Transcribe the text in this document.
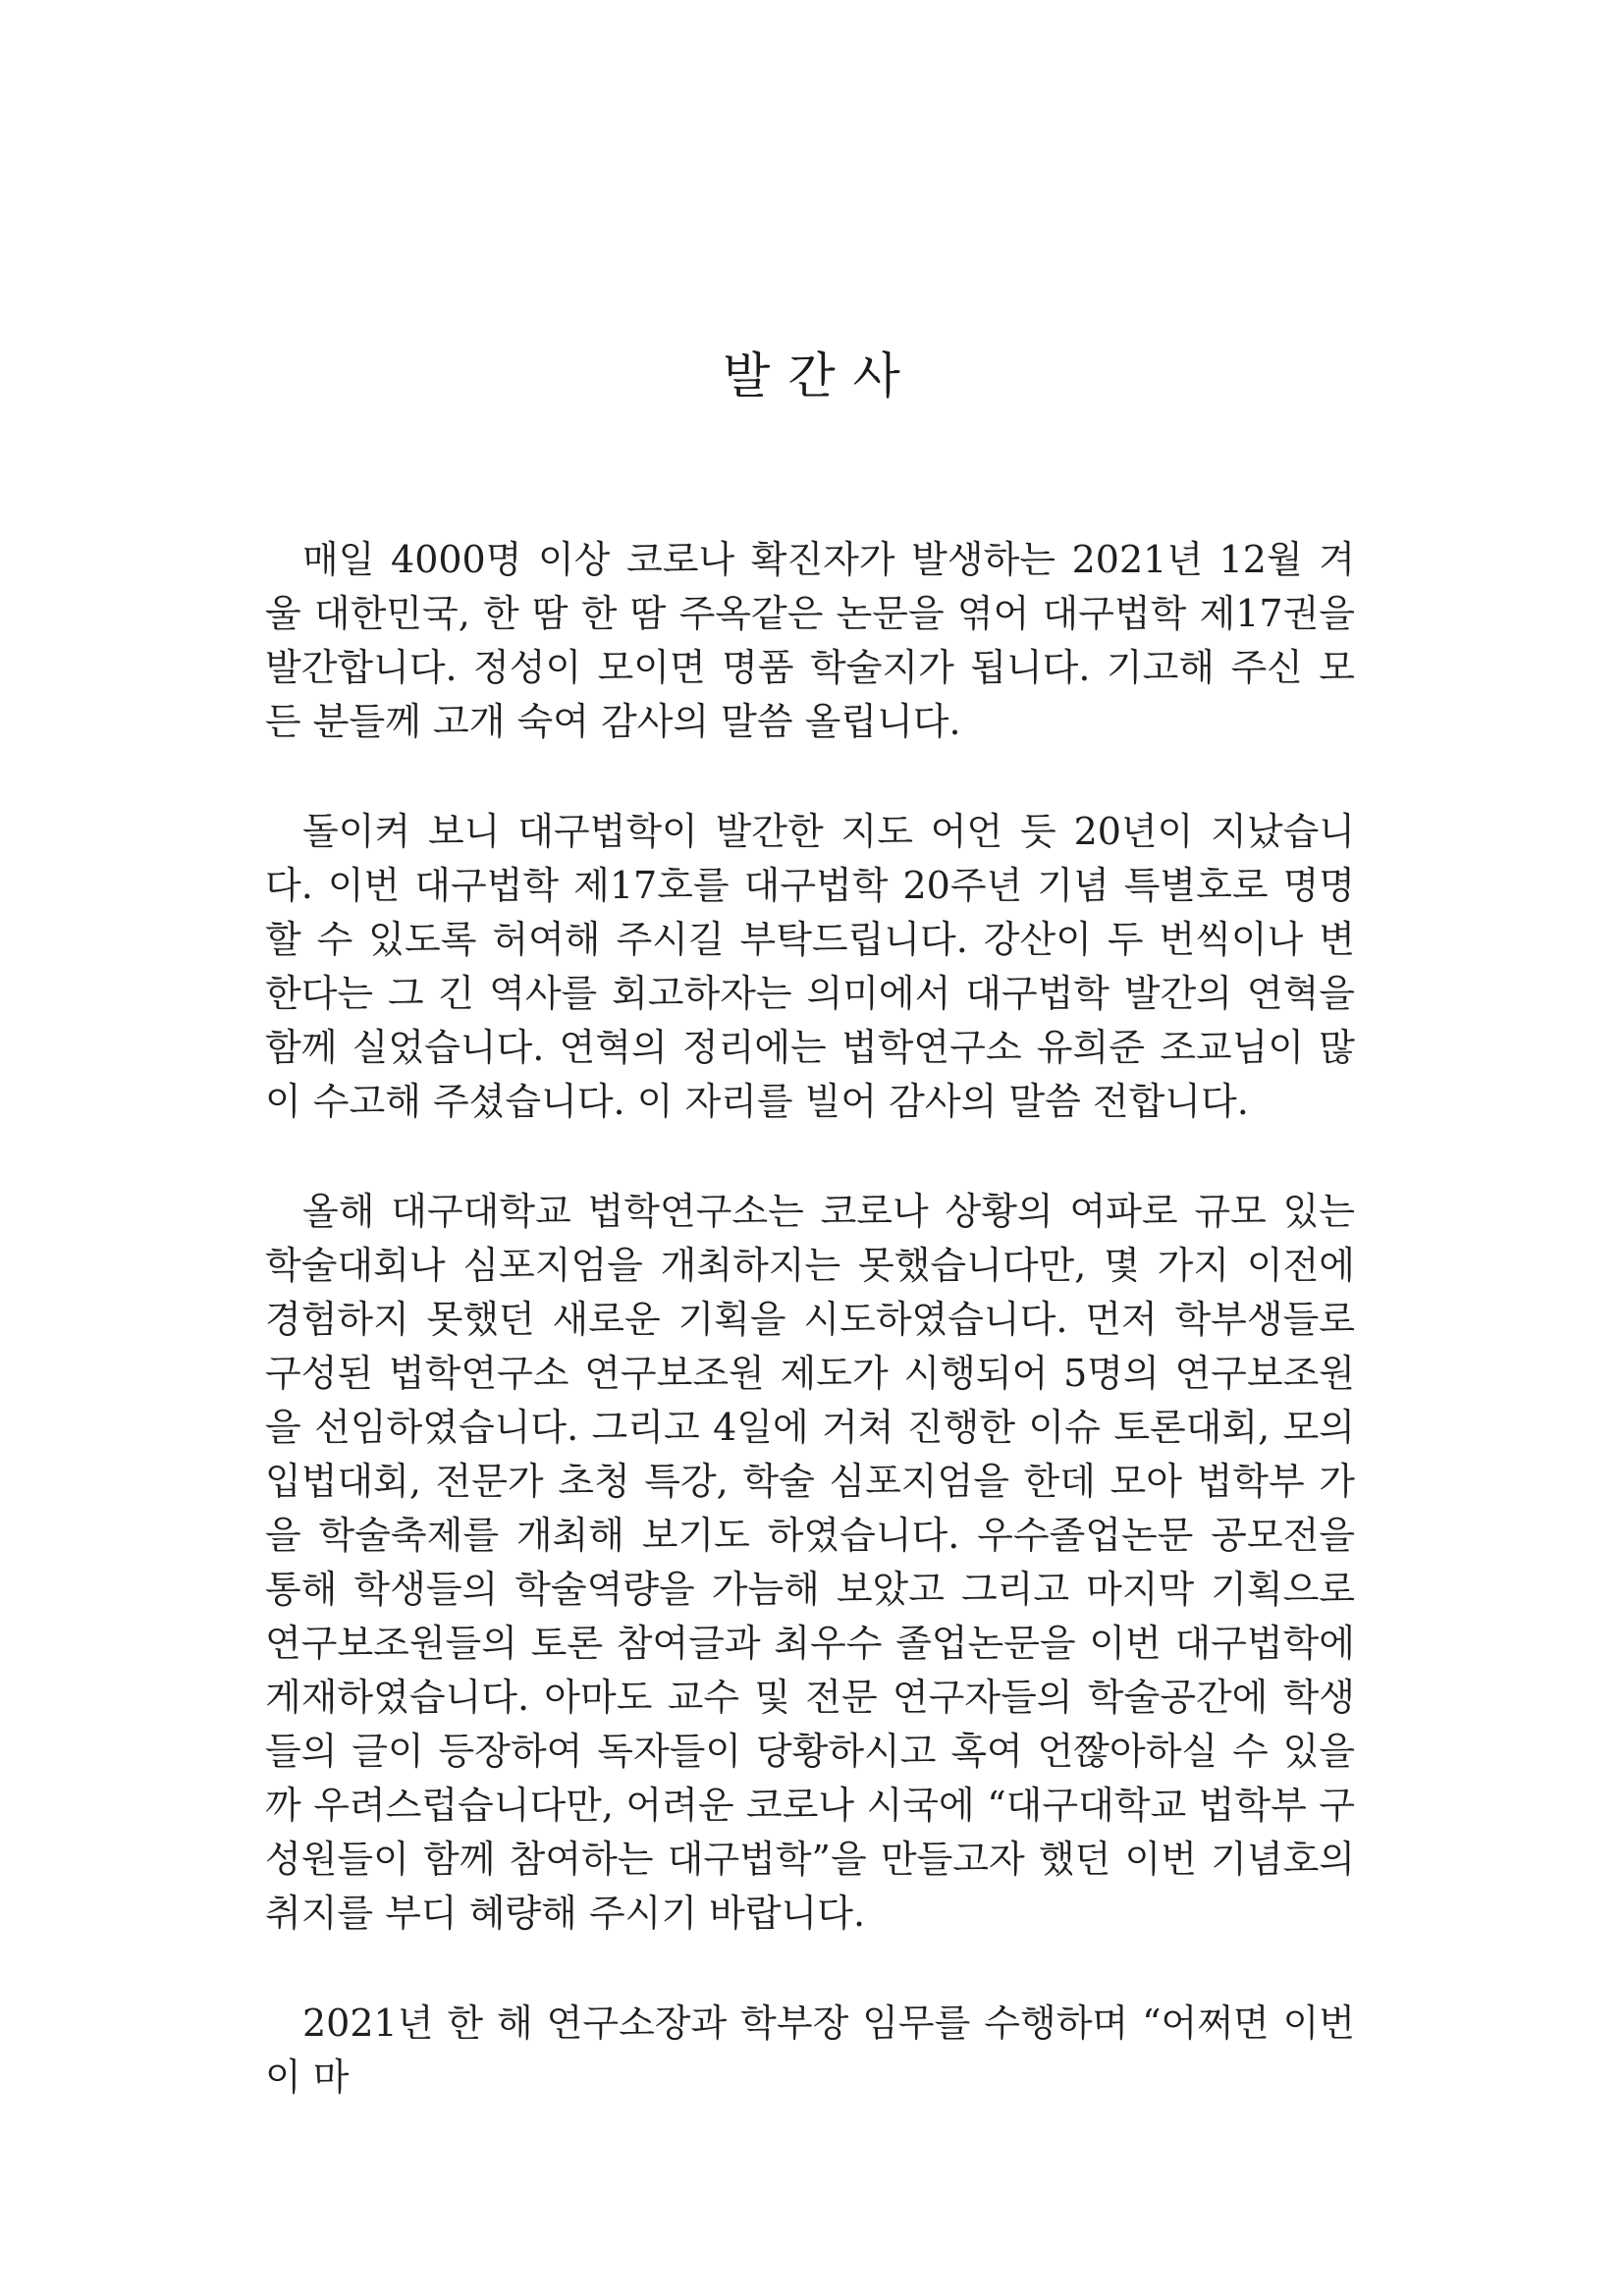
발 간 사

매일 4000명 이상 코로나 확진자가 발생하는 2021년 12월 겨울 대한민국, 한 땀 한 땀 주옥같은 논문을 엮어 대구법학 제17권을 발간합니다. 정성이 모이면 명품 학술지가 됩니다. 기고해 주신 모든 분들께 고개 숙여 감사의 말씀 올립니다.

돌이켜 보니 대구법학이 발간한 지도 어언 듯 20년이 지났습니다. 이번 대구법학 제17호를 대구법학 20주년 기념 특별호로 명명할 수 있도록 허여해 주시길 부탁드립니다. 강산이 두 번씩이나 변한다는 그 긴 역사를 회고하자는 의미에서 대구법학 발간의 연혁을 함께 실었습니다. 연혁의 정리에는 법학연구소 유희준 조교님이 많이 수고해 주셨습니다. 이 자리를 빌어 감사의 말씀 전합니다.

올해 대구대학교 법학연구소는 코로나 상황의 여파로 규모 있는 학술대회나 심포지엄을 개최하지는 못했습니다만, 몇 가지 이전에 경험하지 못했던 새로운 기획을 시도하였습니다. 먼저 학부생들로 구성된 법학연구소 연구보조원 제도가 시행되어 5명의 연구보조원을 선임하였습니다. 그리고 4일에 거쳐 진행한 이슈 토론대회, 모의 입법대회, 전문가 초청 특강, 학술 심포지엄을 한데 모아 법학부 가을 학술축제를 개최해 보기도 하였습니다. 우수졸업논문 공모전을 통해 학생들의 학술역량을 가늠해 보았고 그리고 마지막 기획으로 연구보조원들의 토론 참여글과 최우수 졸업논문을 이번 대구법학에 게재하였습니다. 아마도 교수 및 전문 연구자들의 학술공간에 학생들의 글이 등장하여 독자들이 당황하시고 혹여 언짢아하실 수 있을까 우려스럽습니다만, 어려운 코로나 시국에 “대구대학교 법학부 구성원들이 함께 참여하는 대구법학”을 만들고자 했던 이번 기념호의 취지를 부디 혜량해 주시기 바랍니다.

2021년 한 해 연구소장과 학부장 임무를 수행하며 “어쩌면 이번이 마
